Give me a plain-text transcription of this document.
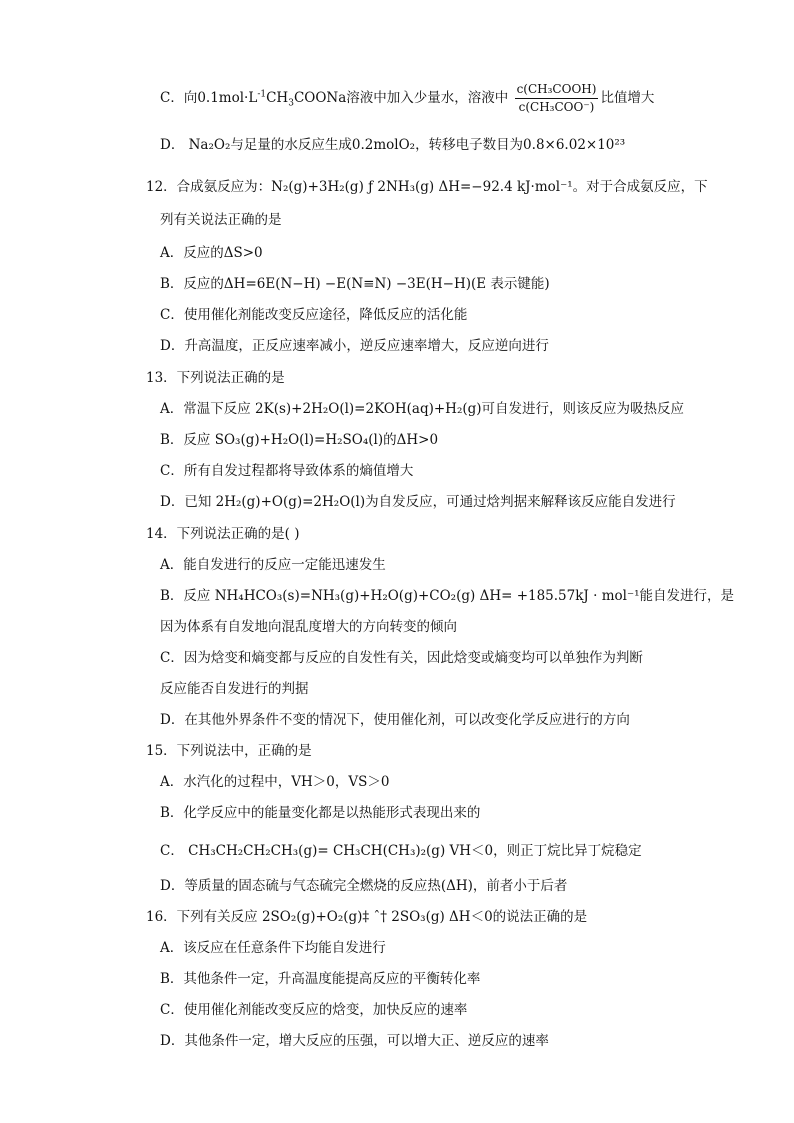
C．向$0.1mol\cdot L^{-1}CH_3COONa$溶液中加入少量水，溶液中 $\frac{\text{c(CH₃COOH)}}{\text{c(CH₃COO⁻)}}$ 比值增大
D． Na₂O₂与足量的水反应生成0.2molO₂，转移电子数目为0.8×6.02×10²³
12．合成氨反应为：N₂(g)+3H₂(g) ƒ 2NH₃(g) ΔH=−92.4 kJ·mol⁻¹。对于合成氨反应，下
列有关说法正确的是
A．反应的ΔS>0
B．反应的ΔH=6E(N−H) −E(N≡N) −3E(H−H)(E 表示键能)
C．使用催化剂能改变反应途径，降低反应的活化能
D．升高温度，正反应速率减小，逆反应速率增大，反应逆向进行
13．下列说法正确的是
A．常温下反应 2K(s)+2H₂O(l)=2KOH(aq)+H₂(g)可自发进行，则该反应为吸热反应
B．反应 SO₃(g)+H₂O(l)=H₂SO₄(l)的ΔH>0
C．所有自发过程都将导致体系的熵值增大
D．已知 2H₂(g)+O(g)=2H₂O(l)为自发反应，可通过焓判据来解释该反应能自发进行
14．下列说法正确的是( )
A．能自发进行的反应一定能迅速发生
B．反应 NH₄HCO₃(s)=NH₃(g)+H₂O(g)+CO₂(g) ΔH= +185.57kJ · mol⁻¹能自发进行，是
因为体系有自发地向混乱度增大的方向转变的倾向
C．因为焓变和熵变都与反应的自发性有关，因此焓变或熵变均可以单独作为判断
反应能否自发进行的判据
D．在其他外界条件不变的情况下，使用催化剂，可以改变化学反应进行的方向
15．下列说法中，正确的是
A．水汽化的过程中，VH＞0，VS＞0
B．化学反应中的能量变化都是以热能形式表现出来的
C． CH₃CH₂CH₂CH₃(g)= CH₃CH(CH₃)₂(g) VH＜0，则正丁烷比异丁烷稳定
D．等质量的固态硫与气态硫完全燃烧的反应热(ΔH)，前者小于后者
16．下列有关反应 2SO₂(g)+O₂(g)‡ ˆ† 2SO₃(g) ΔH＜0的说法正确的是
A．该反应在任意条件下均能自发进行
B．其他条件一定，升高温度能提高反应的平衡转化率
C．使用催化剂能改变反应的焓变，加快反应的速率
D．其他条件一定，增大反应的压强，可以增大正、逆反应的速率
